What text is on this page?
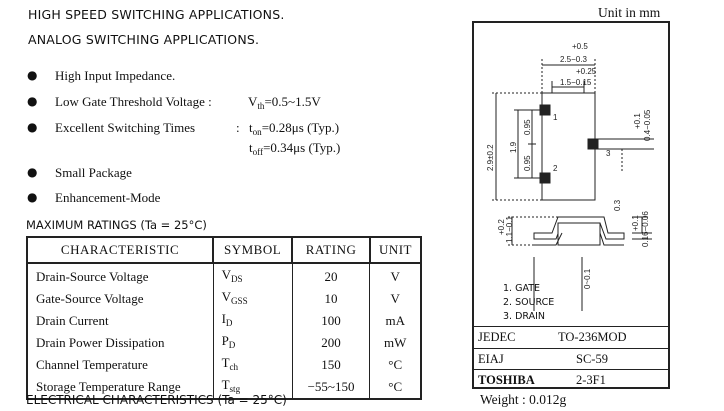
HIGH SPEED SWITCHING APPLICATIONS.
ANALOG SWITCHING APPLICATIONS.
Unit in mm
● High Input Impedance.
● Low Gate Threshold Voltage :	$V_{th}=0.5\sim 1.5V$
● Excellent Switching Times	: $t_{on}=0.28\mu s$ (Typ.)
$t_{off}=0.34\mu s$ (Typ.)
● Small Package
● Enhancement-Mode
MAXIMUM RATINGS (Ta = 25°C)
CHARACTERISTIC	SYMBOL	RATING	UNIT
Drain-Source Voltage	$V_{DS}$	20	V
Gate-Source Voltage	$V_{GSS}$	10	V
Drain Current	$I_D$	100	mA
Drain Power Dissipation	$P_D$	200	mW
Channel Temperature	$T_{ch}$	150	°C
Storage Temperature Range	$T_{stg}$	−55~150	°C
ELECTRICAL CHARACTERISTICS (Ta = 25°C)
+0.5
2.5−0.3
+0.25
1.5−0.15
2.9±0.2 1.9
0.95
0.95
1
2
3
+0.1 0.4−0.05
0.3
+0.1 0.16−0.06
+0.2 1.1−0.1
0~0.1
1. GATE
2. SOURCE
3. DRAIN
JEDEC	TO-236MOD
EIAJ	SC-59
TOSHIBA	2-3F1
Weight : 0.012g
